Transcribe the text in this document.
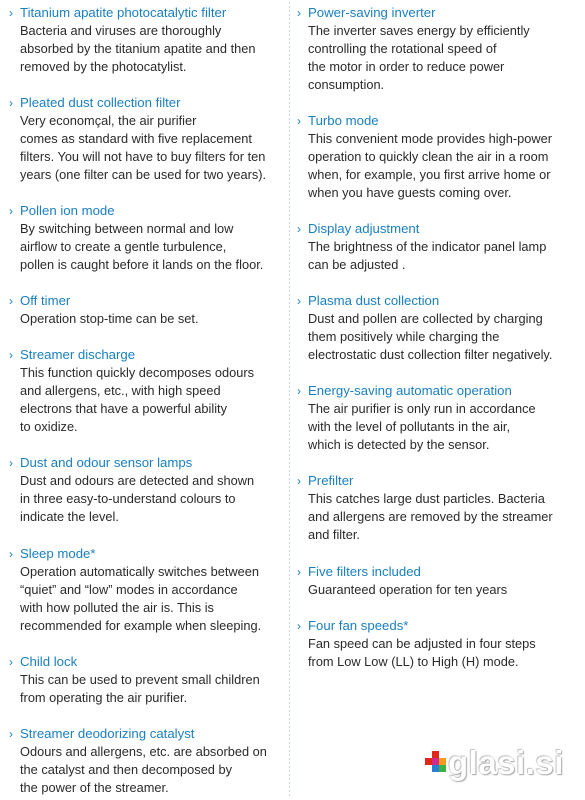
› Titanium apatite photocatalytic filter
Bacteria and viruses are thoroughly
absorbed by the titanium apatite and then
removed by the photocatylist.
› Pleated dust collection filter
Very economçal, the air purifier
comes as standard with five replacement
filters. You will not have to buy filters for ten
years (one filter can be used for two years).
› Pollen ion mode
By switching between normal and low
airflow to create a gentle turbulence,
pollen is caught before it lands on the floor.
› Off timer
Operation stop-time can be set.
› Streamer discharge
This function quickly decomposes odours
and allergens, etc., with high speed
electrons that have a powerful ability
to oxidize.
› Dust and odour sensor lamps
Dust and odours are detected and shown
in three easy-to-understand colours to
indicate the level.
› Sleep mode*
Operation automatically switches between
“quiet” and “low” modes in accordance
with how polluted the air is. This is
recommended for example when sleeping.
› Child lock
This can be used to prevent small children
from operating the air purifier.
› Streamer deodorizing catalyst
Odours and allergens, etc. are absorbed on
the catalyst and then decomposed by
the power of the streamer.
› Power-saving inverter
The inverter saves energy by efficiently
controlling the rotational speed of
the motor in order to reduce power
consumption.
› Turbo mode
This convenient mode provides high-power
operation to quickly clean the air in a room
when, for example, you first arrive home or
when you have guests coming over.
› Display adjustment
The brightness of the indicator panel lamp
can be adjusted .
› Plasma dust collection
Dust and pollen are collected by charging
them positively while charging the
electrostatic dust collection filter negatively.
› Energy-saving automatic operation
The air purifier is only run in accordance
with the level of pollutants in the air,
which is detected by the sensor.
› Prefilter
This catches large dust particles. Bacteria
and allergens are removed by the streamer
and filter.
› Five filters included
Guaranteed operation for ten years
› Four fan speeds*
Fan speed can be adjusted in four steps
from Low Low (LL) to High (H) mode.
glasi.si
